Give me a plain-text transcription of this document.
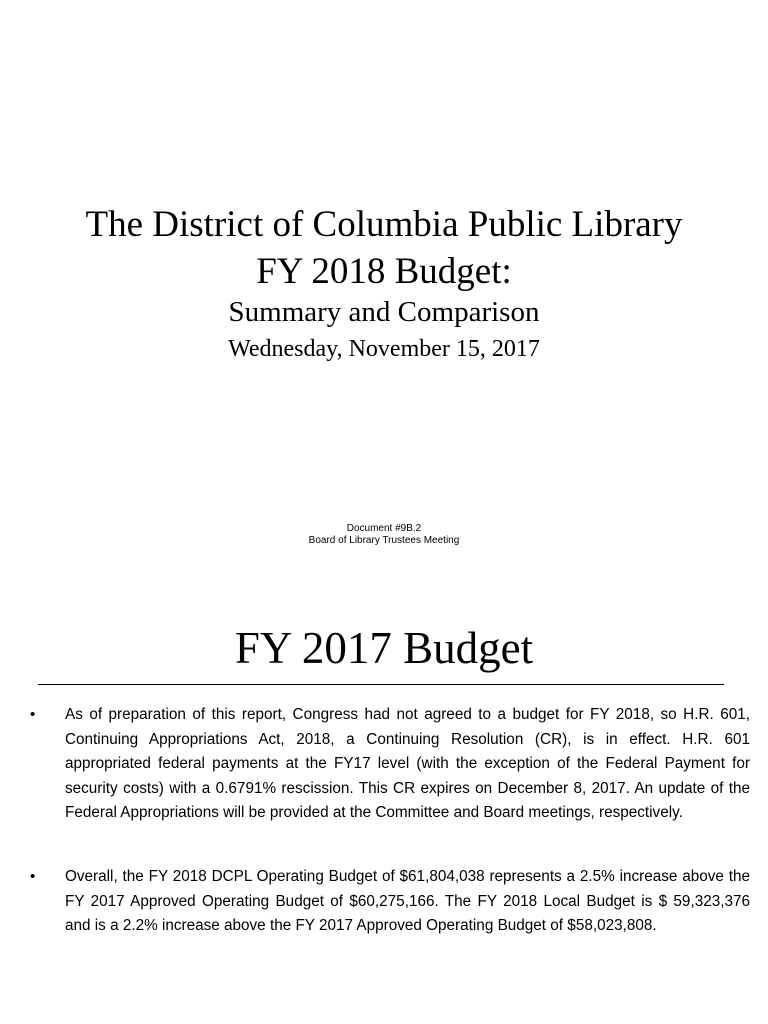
The District of Columbia Public Library
FY 2018 Budget:
Summary and Comparison
Wednesday, November 15, 2017
Document #9B.2
Board of Library Trustees Meeting
FY 2017 Budget
•	As of preparation of this report, Congress had not agreed to a budget for FY 2018, so H.R. 601, Continuing Appropriations Act, 2018, a Continuing Resolution (CR), is in effect. H.R. 601 appropriated federal payments at the FY17 level (with the exception of the Federal Payment for security costs) with a 0.6791% rescission. This CR expires on December 8, 2017. An update of the Federal Appropriations will be provided at the Committee and Board meetings, respectively.

•	Overall, the FY 2018 DCPL Operating Budget of $61,804,038 represents a 2.5% increase above the FY 2017 Approved Operating Budget of $60,275,166. The FY 2018 Local Budget is $ 59,323,376 and is a 2.2% increase above the FY 2017 Approved Operating Budget of $58,023,808.
